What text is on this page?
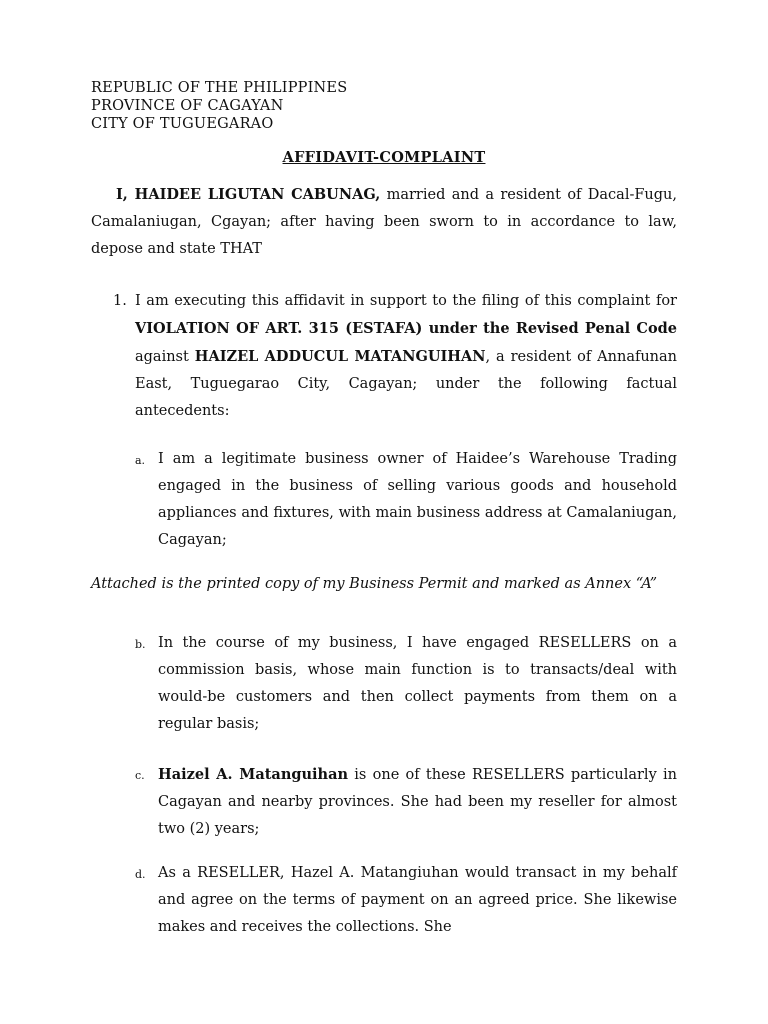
REPUBLIC OF THE PHILIPPINES
PROVINCE OF CAGAYAN
CITY OF TUGUEGARAO
AFFIDAVIT-COMPLAINT
I, HAIDEE LIGUTAN CABUNAG, married and a resident of Dacal-Fugu, Camalaniugan, Cgayan; after having been sworn to in accordance to law, depose and state THAT
1. I am executing this affidavit in support to the filing of this complaint for VIOLATION OF ART. 315 (ESTAFA) under the Revised Penal Code against HAIZEL ADDUCUL MATANGUIHAN, a resident of Annafunan East, Tuguegarao City, Cagayan; under the following factual antecedents:
a. I am a legitimate business owner of Haidee’s Warehouse Trading engaged in the business of selling various goods and household appliances and fixtures, with main business address at Camalaniugan, Cagayan;
Attached is the printed copy of my Business Permit and marked as Annex “A”
b. In the course of my business, I have engaged RESELLERS on a commission basis, whose main function is to transacts/deal with would-be customers and then collect payments from them on a regular basis;
c. Haizel A. Matanguihan is one of these RESELLERS particularly in Cagayan and nearby provinces. She had been my reseller for almost two (2) years;
d. As a RESELLER, Hazel A. Matangiuhan would transact in my behalf and agree on the terms of payment on an agreed price. She likewise makes and receives the collections. She
